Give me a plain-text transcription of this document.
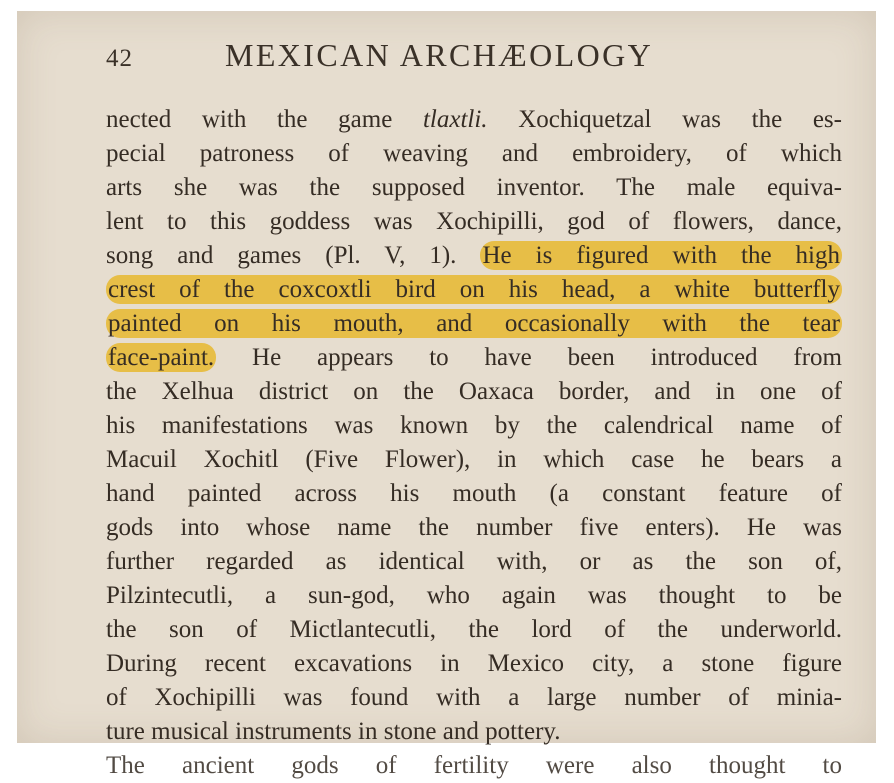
42	MEXICAN ARCHÆOLOGY
nected with the game tlaxtli. Xochiquetzal was the es-
pecial patroness of weaving and embroidery, of which
arts she was the supposed inventor. The male equiva-
lent to this goddess was Xochipilli, god of flowers, dance,
song and games (Pl. V, 1). He is figured with the high
crest of the coxcoxtli bird on his head, a white butterfly
painted on his mouth, and occasionally with the tear
face-paint. He appears to have been introduced from
the Xelhua district on the Oaxaca border, and in one of
his manifestations was known by the calendrical name of
Macuil Xochitl (Five Flower), in which case he bears a
hand painted across his mouth (a constant feature of
gods into whose name the number five enters). He was
further regarded as identical with, or as the son of,
Pilzintecutli, a sun-god, who again was thought to be
the son of Mictlantecutli, the lord of the underworld.
During recent excavations in Mexico city, a stone figure
of Xochipilli was found with a large number of minia-
ture musical instruments in stone and pottery.
The ancient gods of fertility were also thought to
